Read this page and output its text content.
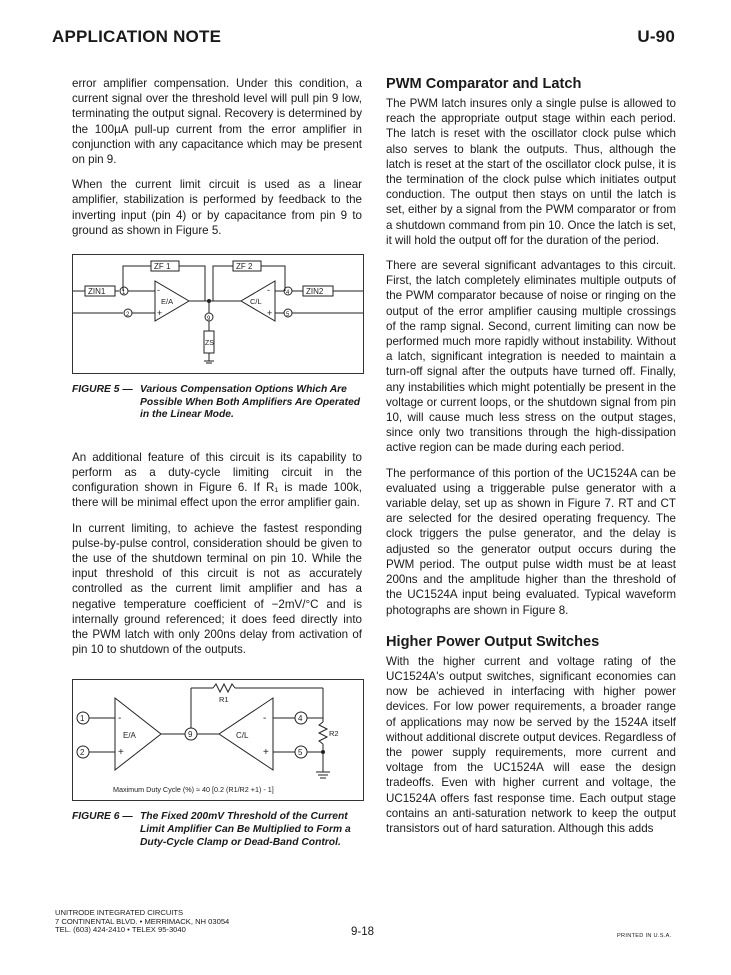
APPLICATION NOTE	U-90

error amplifier compensation. Under this condition, a current signal over the threshold level will pull pin 9 low, terminating the output signal. Recovery is determined by the 100µA pull-up current from the error amplifier in conjunction with any capacitance which may be present on pin 9.

When the current limit circuit is used as a linear amplifier, stabilization is performed by feedback to the inverting input (pin 4) or by capacitance from pin 9 to ground as shown in Figure 5.

ZF 1	ZF 2
ZIN1	1	-
+
E/A
2
9
ZS
-
+
C/L
4 ZIN2
5
FIGURE 5 — Various Compensation Options Which Are Possible When Both Amplifiers Are Operated in the Linear Mode.

An additional feature of this circuit is its capability to perform as a duty-cycle limiting circuit in the configuration shown in Figure 6. If R₁ is made 100k, there will be minimal effect upon the error amplifier gain.

In current limiting, to achieve the fastest responding pulse-by-pulse control, consideration should be given to the use of the shutdown terminal on pin 10. While the input threshold of this circuit is not as accurately controlled as the current limit amplifier and has a negative temperature coefficient of −2mV/°C and is internally ground referenced; it does feed directly into the PWM latch with only 200ns delay from activation of pin 10 to shutdown of the outputs.

1
2
-
+
E/A	9
-
+
C/L
R1
4
R2
5
Maximum Duty Cycle (%) ≈ 40 [0.2 (R1/R2 +1) - 1]
FIGURE 6 — The Fixed 200mV Threshold of the Current Limit Amplifier Can Be Multiplied to Form a Duty-Cycle Clamp or Dead-Band Control.
PWM Comparator and Latch

The PWM latch insures only a single pulse is allowed to reach the appropriate output stage within each period. The latch is reset with the oscillator clock pulse which also serves to blank the outputs. Thus, although the latch is reset at the start of the oscillator clock pulse, it is the termination of the clock pulse which initiates output conduction. The output then stays on until the latch is set, either by a signal from the PWM comparator or from a shutdown command from pin 10. Once the latch is set, it will hold the output off for the duration of the period.

There are several significant advantages to this circuit. First, the latch completely eliminates multiple outputs of the PWM comparator because of noise or ringing on the output of the error amplifier causing multiple crossings of the ramp signal. Second, current limiting can now be performed much more rapidly without instability. Without a latch, significant integration is needed to maintain a turn-off signal after the outputs have turned off. Finally, any instabilities which might potentially be present in the voltage or current loops, or the shutdown signal from pin 10, will cause much less stress on the output stages, since only two transitions through the high-dissipation active region can be made during each period.

The performance of this portion of the UC1524A can be evaluated using a triggerable pulse generator with a variable delay, set up as shown in Figure 7. RT and CT are selected for the desired operating frequency. The clock triggers the pulse generator, and the delay is adjusted so the generator output occurs during the PWM period. The output pulse width must be at least 200ns and the amplitude higher than the threshold of the UC1524A input being evaluated. Typical waveform photographs are shown in Figure 8.

Higher Power Output Switches

With the higher current and voltage rating of the UC1524A's output switches, significant economies can now be achieved in interfacing with higher power devices. For low power requirements, a broader range of applications may now be served by the 1524A itself without additional discrete output devices. Regardless of the power supply requirements, more current and voltage from the UC1524A will ease the design tradeoffs. Even with higher current and voltage, the UC1524A offers fast response time. Each output stage contains an anti-saturation network to keep the output transistors out of hard saturation. Although this adds

UNITRODE INTEGRATED CIRCUITS
7 CONTINENTAL BLVD. • MERRIMACK, NH 03054
TEL. (603) 424-2410 • TELEX 95-3040	9-18	PRINTED IN U.S.A.
